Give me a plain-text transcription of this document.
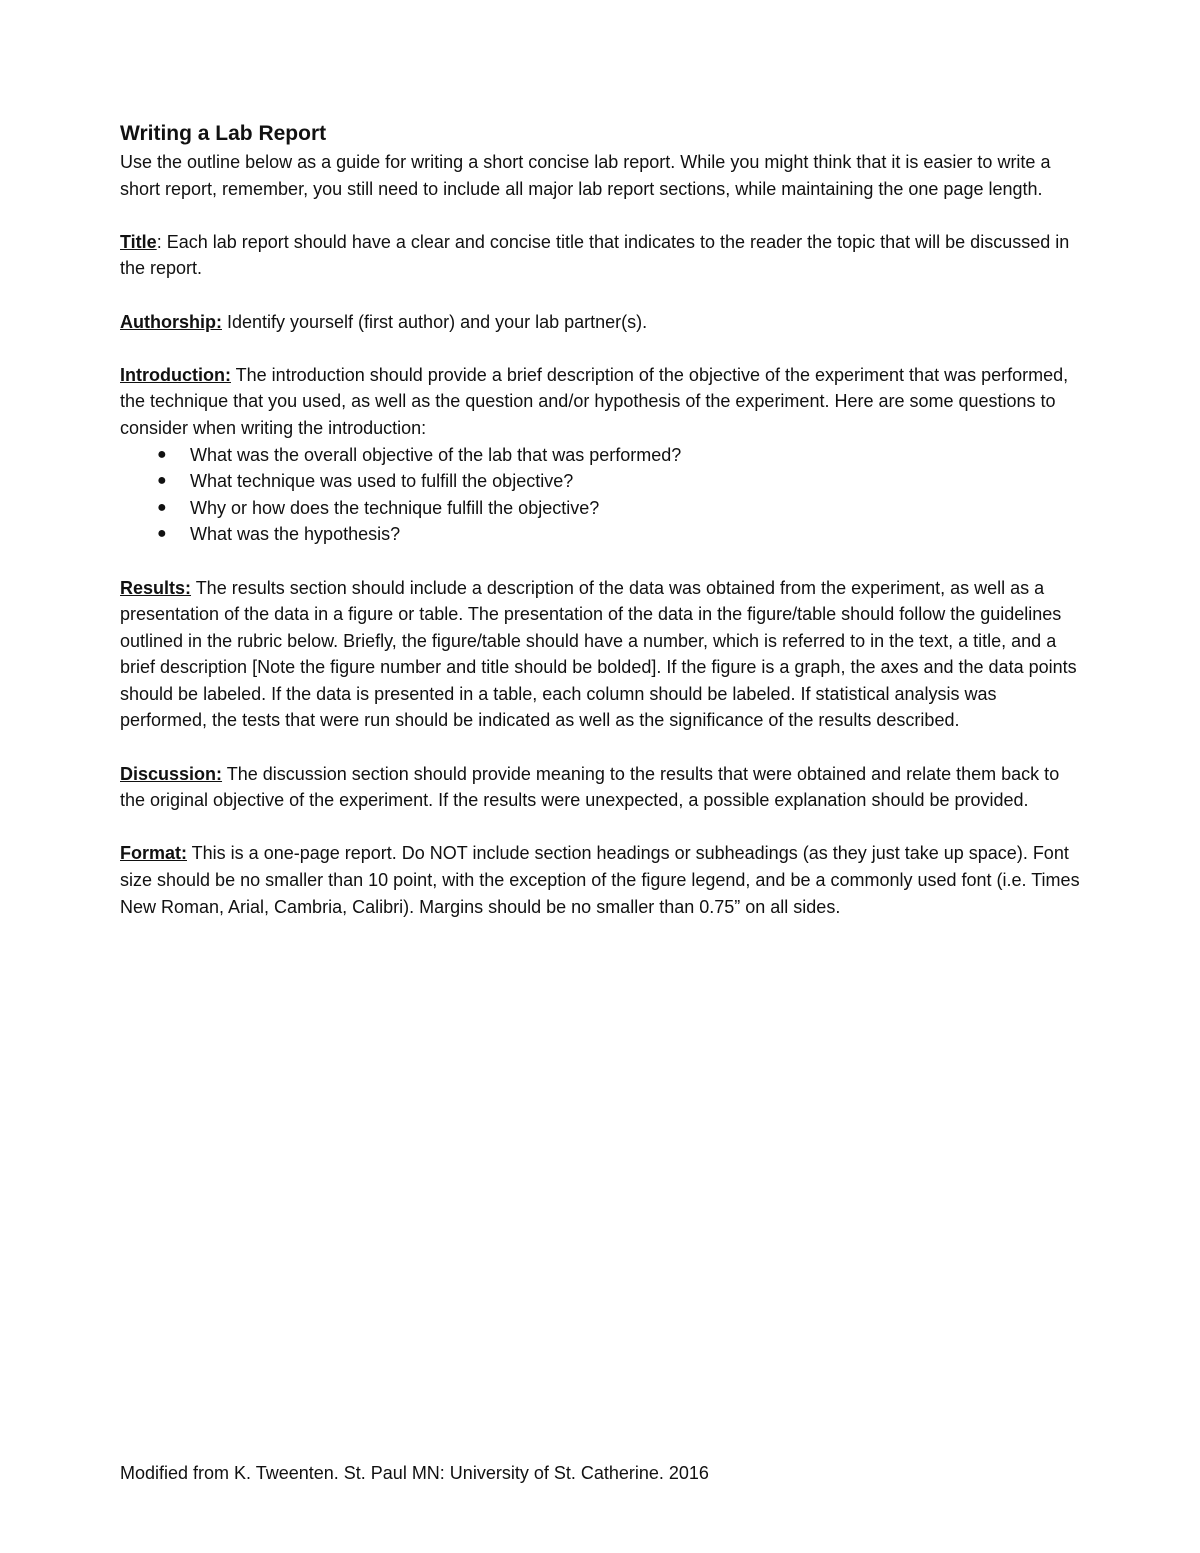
Writing a Lab Report

Use the outline below as a guide for writing a short concise lab report. While you might think that it is easier to write a short report, remember, you still need to include all major lab report sections, while maintaining the one page length.

Title: Each lab report should have a clear and concise title that indicates to the reader the topic that will be discussed in the report.

Authorship: Identify yourself (first author) and your lab partner(s).

Introduction: The introduction should provide a brief description of the objective of the experiment that was performed, the technique that you used, as well as the question and/or hypothesis of the experiment. Here are some questions to consider when writing the introduction:

● What was the overall objective of the lab that was performed?
● What technique was used to fulfill the objective?
● Why or how does the technique fulfill the objective?
● What was the hypothesis?

Results: The results section should include a description of the data was obtained from the experiment, as well as a presentation of the data in a figure or table. The presentation of the data in the figure/table should follow the guidelines outlined in the rubric below. Briefly, the figure/table should have a number, which is referred to in the text, a title, and a brief description [Note the figure number and title should be bolded]. If the figure is a graph, the axes and the data points should be labeled. If the data is presented in a table, each column should be labeled. If statistical analysis was performed, the tests that were run should be indicated as well as the significance of the results described.

Discussion: The discussion section should provide meaning to the results that were obtained and relate them back to the original objective of the experiment. If the results were unexpected, a possible explanation should be provided.

Format: This is a one-page report. Do NOT include section headings or subheadings (as they just take up space). Font size should be no smaller than 10 point, with the exception of the figure legend, and be a commonly used font (i.e. Times New Roman, Arial, Cambria, Calibri). Margins should be no smaller than 0.75” on all sides.

Modified from K. Tweenten. St. Paul MN: University of St. Catherine. 2016
